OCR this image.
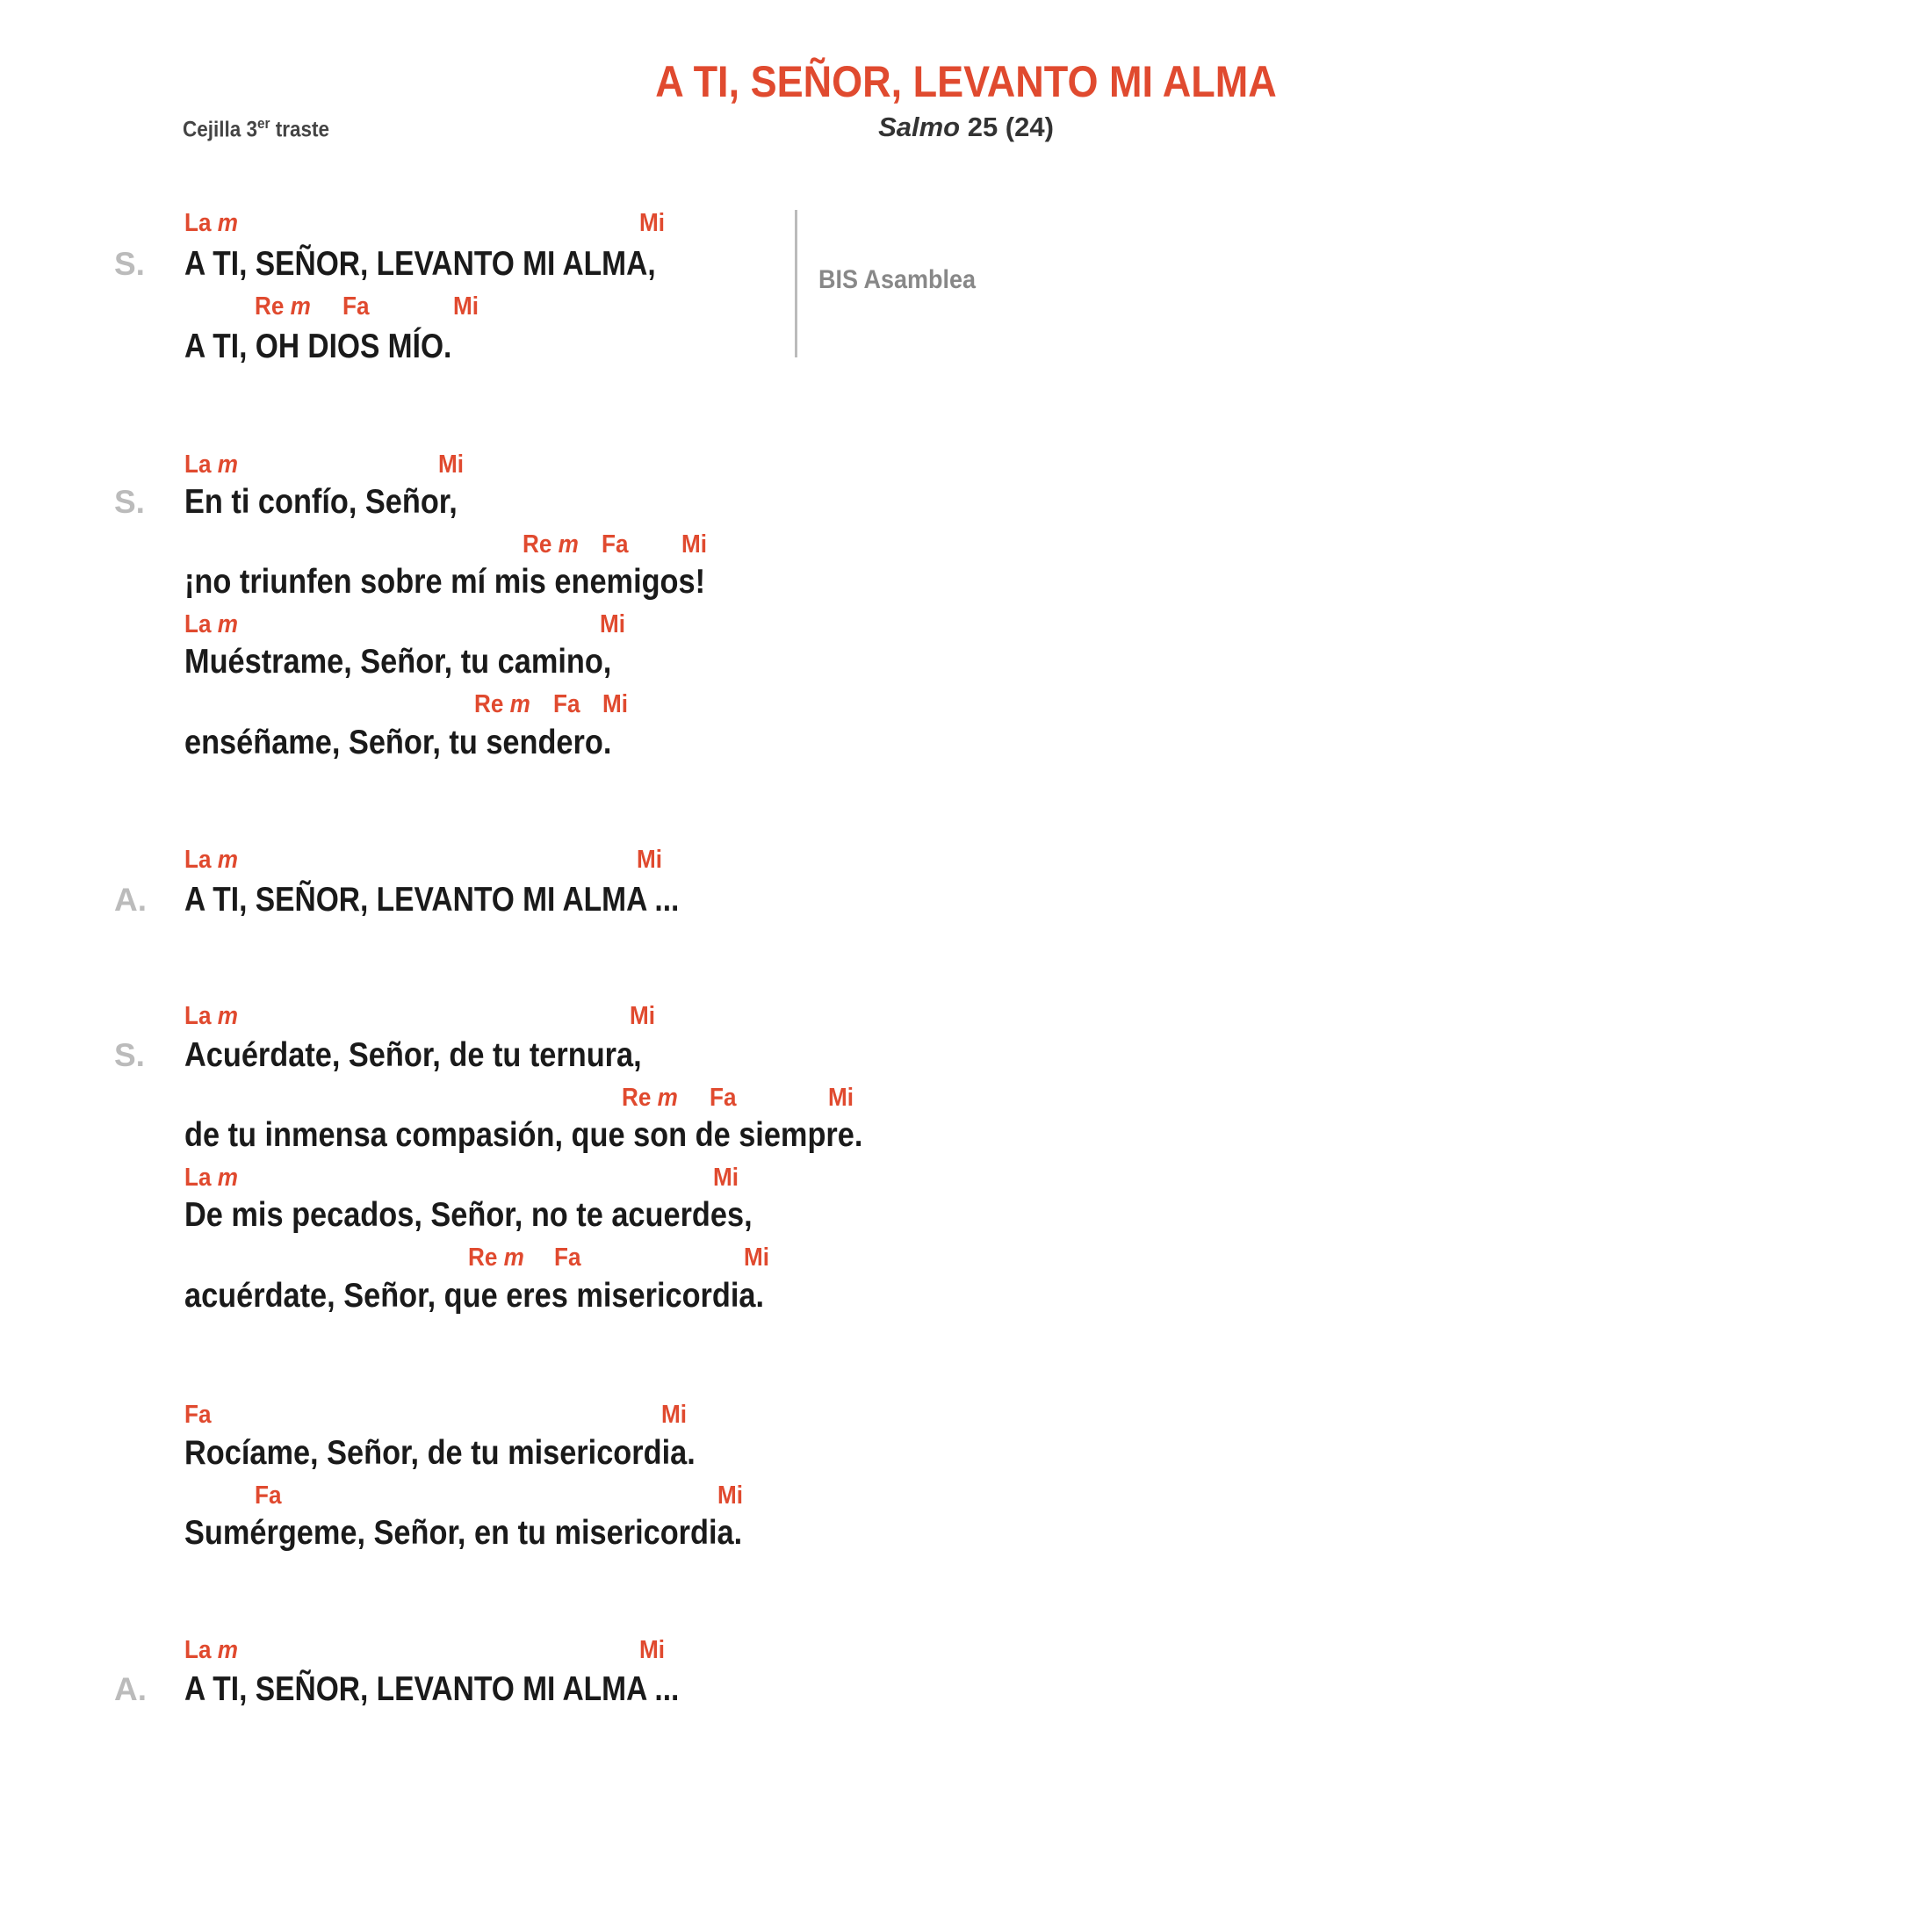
A TI, SEÑOR, LEVANTO MI ALMA
Cejilla 3er traste	Salmo 25 (24)
La m	Mi
S. A TI, SEÑOR, LEVANTO MI ALMA,
Re m Fa	Mi
A TI, OH DIOS MÍO.
BIS Asamblea
La m	Mi
S. En ti confío, Señor,
Re m Fa Mi
¡no triunfen sobre mí mis enemigos!
La m	Mi
Muéstrame, Señor, tu camino,
Re m Fa Mi
enséñame, Señor, tu sendero.
La m	Mi
A. A TI, SEÑOR, LEVANTO MI ALMA ...
La m	Mi
S. Acuérdate, Señor, de tu ternura,
Re m Fa	Mi
de tu inmensa compasión, que son de siempre.
La m	Mi
De mis pecados, Señor, no te acuerdes,
Re m Fa	Mi
acuérdate, Señor, que eres misericordia.
Fa	Mi
Rocíame, Señor, de tu misericordia.
Fa	Mi
Sumérgeme, Señor, en tu misericordia.
La m	Mi
A. A TI, SEÑOR, LEVANTO MI ALMA ...
